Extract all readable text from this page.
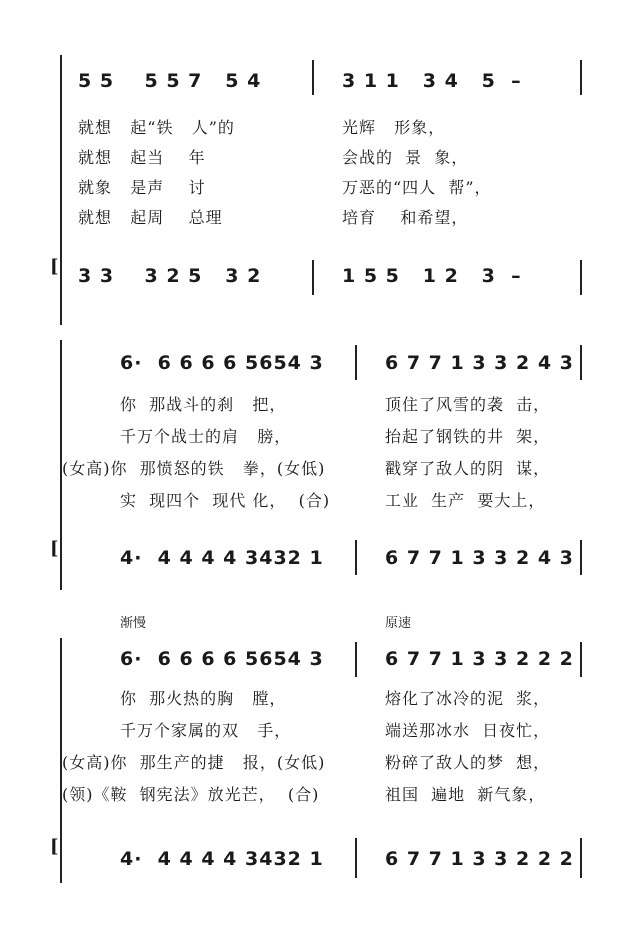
5 5    5 5 7   5 4	3 1 1   3 4   5  –
就想   起“铁   人”的	光辉   形象，
就想   起当    年	会战的  景  象，
就象   是声    讨	万恶的“四人  帮”，
就想   起周    总理	培育    和希望，
[ 3 3    3 2 5   3 2	1 5 5   1 2   3  –
6·  6 6 6 6 5654 3	6 7 7 1 3 3 2 4 3
你  那战斗的刹   把，	顶住了风雪的袭  击，
千万个战士的肩   膀，	抬起了钢铁的井  架，
(女高)你  那愤怒的铁   拳，(女低)	戳穿了敌人的阴  谋，
实  现四个  现代 化，  (合)	工业  生产  要大上，
[	4·  4 4 4 4 3432 1	6 7 7 1 3 3 2 4 3
渐慢	原速
6·  6 6 6 6 5654 3	6 7 7 1 3 3 2 2 2
你  那火热的胸   膛，	熔化了冰冷的泥  浆，
千万个家属的双   手，	端送那冰水  日夜忙，
(女高)你  那生产的捷   报，(女低)	粉碎了敌人的梦  想，
(领)《鞍  钢宪法》放光芒，  (合)	祖国  遍地  新气象，
[
4·  4 4 4 4 3432 1	6 7 7 1 3 3 2 2 2
